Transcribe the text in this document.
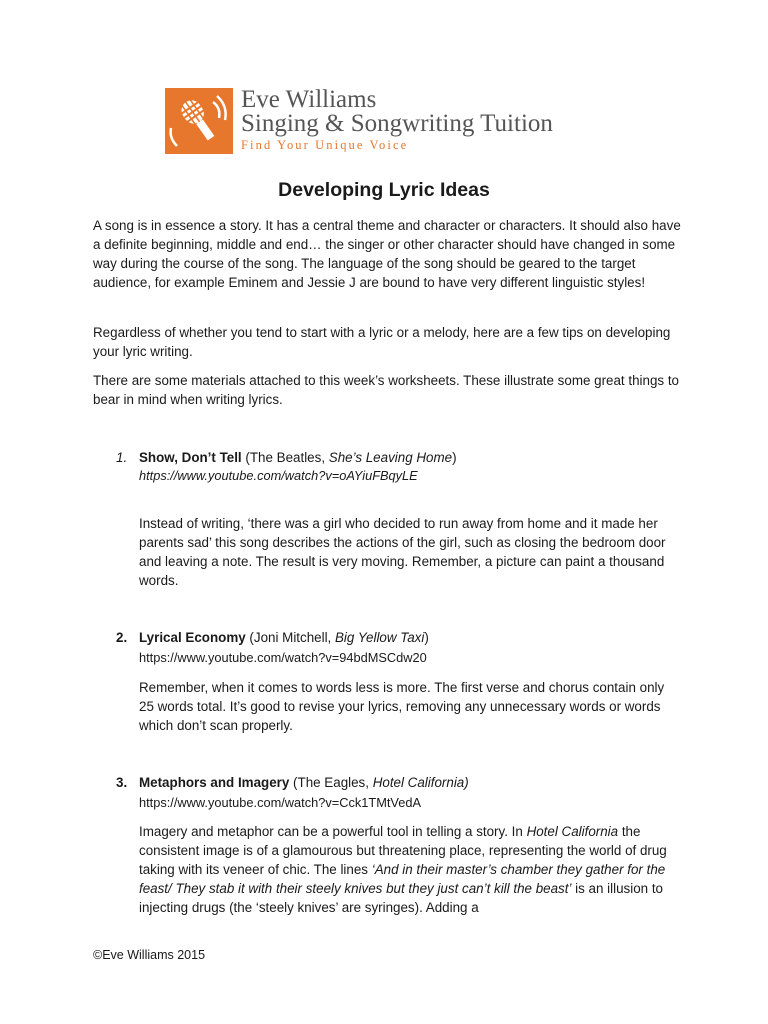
Eve Williams
Singing & Songwriting Tuition
Find Your Unique Voice
Developing Lyric Ideas

A song is in essence a story. It has a central theme and character or characters. It should also have a definite beginning, middle and end… the singer or other character should have changed in some way during the course of the song. The language of the song should be geared to the target audience, for example Eminem and Jessie J are bound to have very different linguistic styles!

Regardless of whether you tend to start with a lyric or a melody, here are a few tips on developing your lyric writing.

There are some materials attached to this week’s worksheets. These illustrate some great things to bear in mind when writing lyrics.

1. Show, Don’t Tell (The Beatles, She’s Leaving Home)
https://www.youtube.com/watch?v=oAYiuFBqyLE

Instead of writing, ‘there was a girl who decided to run away from home and it made her parents sad’ this song describes the actions of the girl, such as closing the bedroom door and leaving a note. The result is very moving. Remember, a picture can paint a thousand words.

2. Lyrical Economy (Joni Mitchell, Big Yellow Taxi)
https://www.youtube.com/watch?v=94bdMSCdw20

Remember, when it comes to words less is more. The first verse and chorus contain only 25 words total. It’s good to revise your lyrics, removing any unnecessary words or words which don’t scan properly.

3. Metaphors and Imagery (The Eagles, Hotel California)
https://www.youtube.com/watch?v=Cck1TMtVedA

Imagery and metaphor can be a powerful tool in telling a story. In Hotel California the consistent image is of a glamourous but threatening place, representing the world of drug taking with its veneer of chic. The lines ‘And in their master’s chamber they gather for the feast/ They stab it with their steely knives but they just can’t kill the beast’ is an illusion to injecting drugs (the ‘steely knives’ are syringes). Adding a

©Eve Williams 2015
